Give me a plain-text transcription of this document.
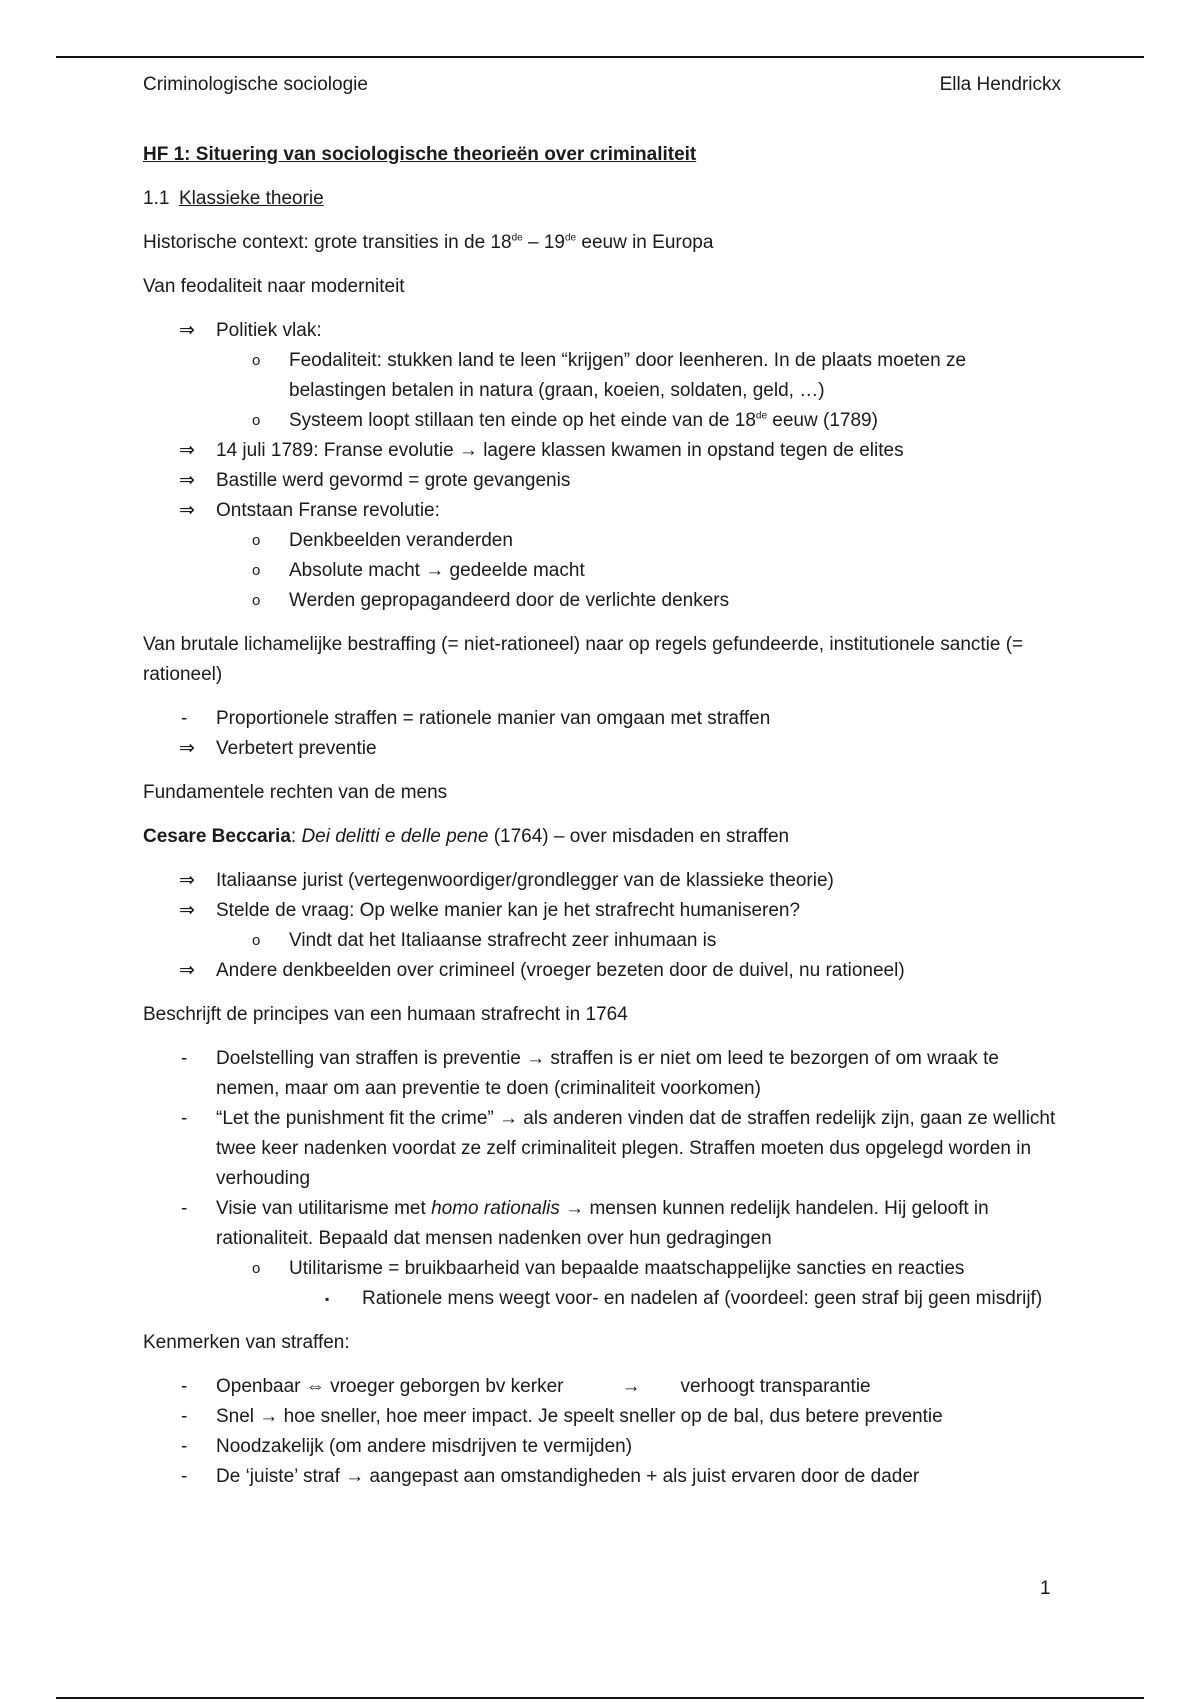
Criminologische sociologie	Ella Hendrickx
HF 1: Situering van sociologische theorieën over criminaliteit
1.1 Klassieke theorie

Historische context: grote transities in de 18de – 19de eeuw in Europa

Van feodaliteit naar moderniteit

⇒	Politiek vlak:
o	Feodaliteit: stukken land te leen “krijgen” door leenheren. In de plaats moeten ze belastingen betalen in natura (graan, koeien, soldaten, geld, …)
o	Systeem loopt stillaan ten einde op het einde van de 18de eeuw (1789)
⇒	14 juli 1789: Franse evolutie → lagere klassen kwamen in opstand tegen de elites
⇒	Bastille werd gevormd = grote gevangenis
⇒	Ontstaan Franse revolutie:
o	Denkbeelden veranderden
o	Absolute macht → gedeelde macht
o	Werden gepropagandeerd door de verlichte denkers

Van brutale lichamelijke bestraffing (= niet-rationeel) naar op regels gefundeerde, institutionele sanctie (= rationeel)

-	Proportionele straffen = rationele manier van omgaan met straffen
⇒	Verbetert preventie

Fundamentele rechten van de mens

Cesare Beccaria: Dei delitti e delle pene (1764) – over misdaden en straffen

⇒	Italiaanse jurist (vertegenwoordiger/grondlegger van de klassieke theorie)
⇒	Stelde de vraag: Op welke manier kan je het strafrecht humaniseren?
o	Vindt dat het Italiaanse strafrecht zeer inhumaan is
⇒	Andere denkbeelden over crimineel (vroeger bezeten door de duivel, nu rationeel)

Beschrijft de principes van een humaan strafrecht in 1764

-	Doelstelling van straffen is preventie → straffen is er niet om leed te bezorgen of om wraak te nemen, maar om aan preventie te doen (criminaliteit voorkomen)
-	“Let the punishment fit the crime” → als anderen vinden dat de straffen redelijk zijn, gaan ze wellicht twee keer nadenken voordat ze zelf criminaliteit plegen. Straffen moeten dus opgelegd worden in verhouding
-	Visie van utilitarisme met homo rationalis → mensen kunnen redelijk handelen. Hij gelooft in rationaliteit. Bepaald dat mensen nadenken over hun gedragingen
o	Utilitarisme = bruikbaarheid van bepaalde maatschappelijke sancties en reacties
▪	Rationele mens weegt voor- en nadelen af (voordeel: geen straf bij geen misdrijf)

Kenmerken van straffen:

-	Openbaar ⇔ vroeger geborgen bv kerker	→ verhoogt transparantie
-	Snel → hoe sneller, hoe meer impact. Je speelt sneller op de bal, dus betere preventie
-	Noodzakelijk (om andere misdrijven te vermijden)
-	De ‘juiste’ straf → aangepast aan omstandigheden + als juist ervaren door de dader
1
